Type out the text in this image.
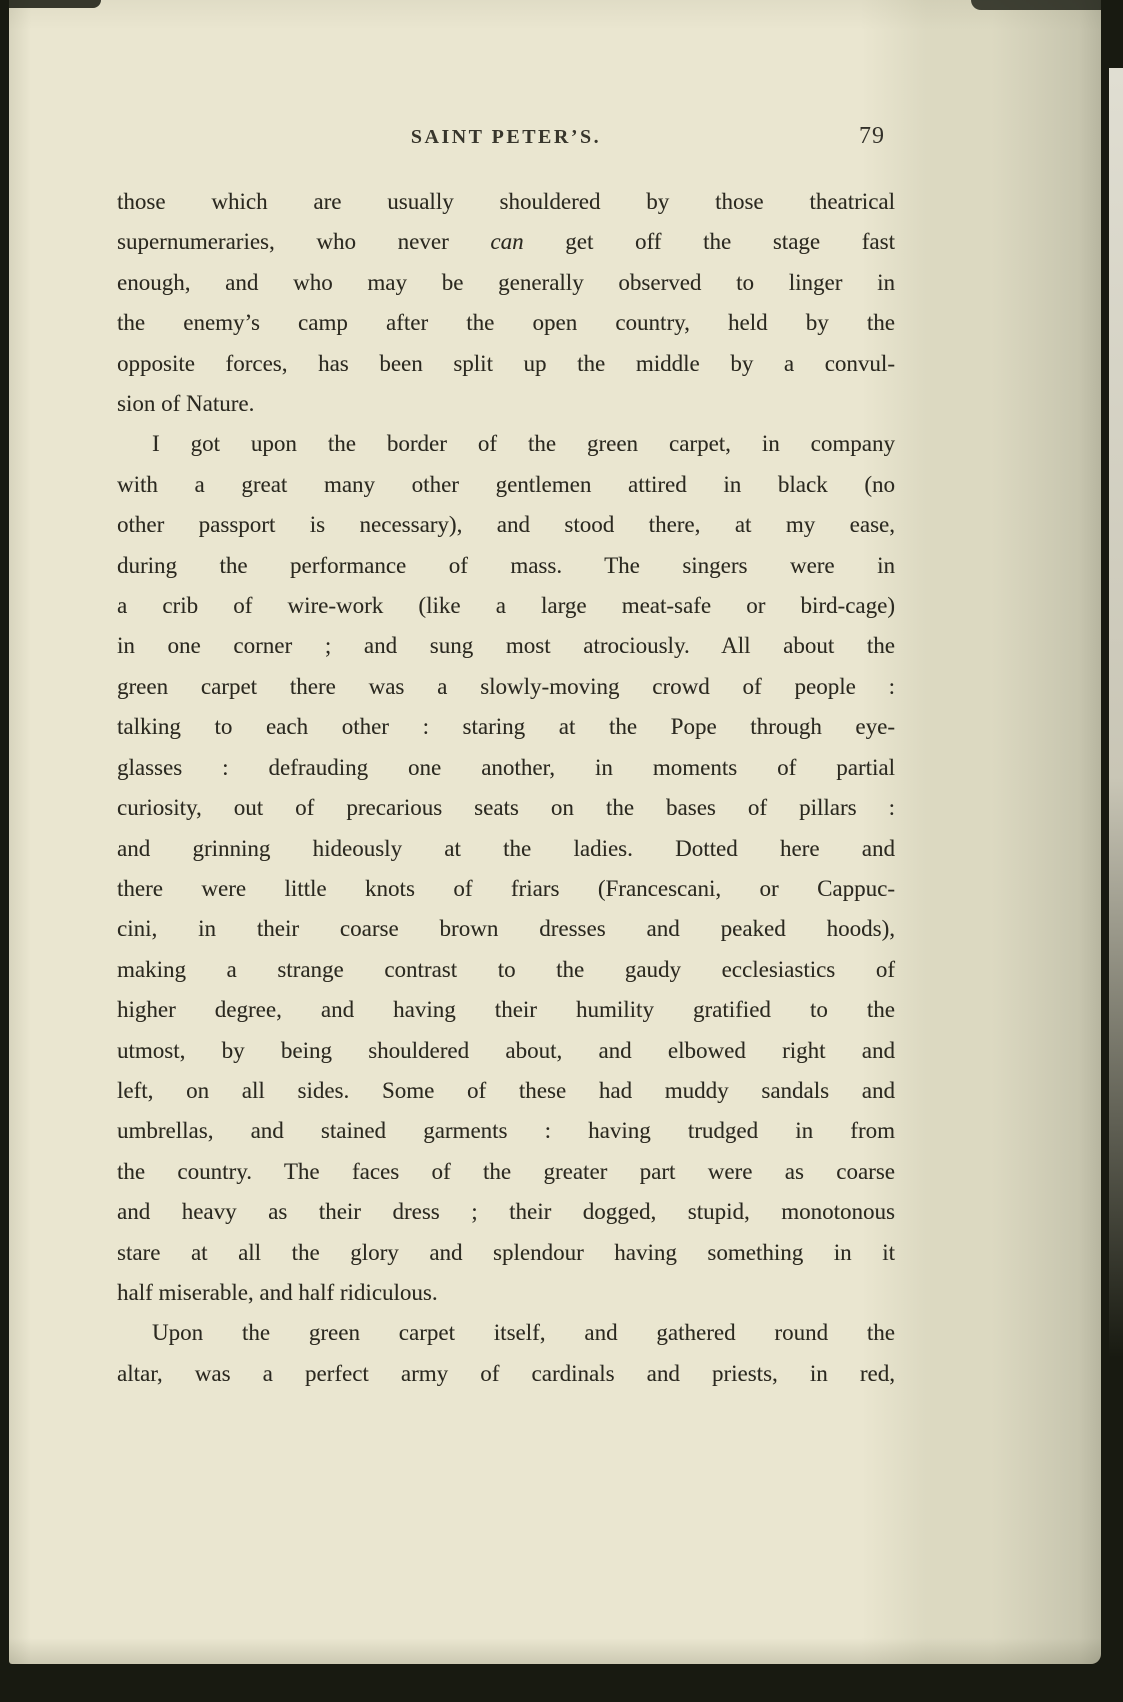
SAINT PETER’S.	79

those which are usually shouldered by those theatrical
supernumeraries, who never can get off the stage fast
enough, and who may be generally observed to linger in
the enemy’s camp after the open country, held by the
opposite forces, has been split up the middle by a convul-
sion of Nature.

I got upon the border of the green carpet, in company
with a great many other gentlemen attired in black (no
other passport is necessary), and stood there, at my ease,
during the performance of mass. The singers were in
a crib of wire-work (like a large meat-safe or bird-cage)
in one corner ; and sung most atrociously. All about the
green carpet there was a slowly-moving crowd of people :
talking to each other : staring at the Pope through eye-
glasses : defrauding one another, in moments of partial
curiosity, out of precarious seats on the bases of pillars :
and grinning hideously at the ladies. Dotted here and
there were little knots of friars (Francescani, or Cappuc-
cini, in their coarse brown dresses and peaked hoods),
making a strange contrast to the gaudy ecclesiastics of
higher degree, and having their humility gratified to the
utmost, by being shouldered about, and elbowed right and
left, on all sides. Some of these had muddy sandals and
umbrellas, and stained garments : having trudged in from
the country. The faces of the greater part were as coarse
and heavy as their dress ; their dogged, stupid, monotonous
stare at all the glory and splendour having something in it
half miserable, and half ridiculous.

Upon the green carpet itself, and gathered round the
altar, was a perfect army of cardinals and priests, in red,
